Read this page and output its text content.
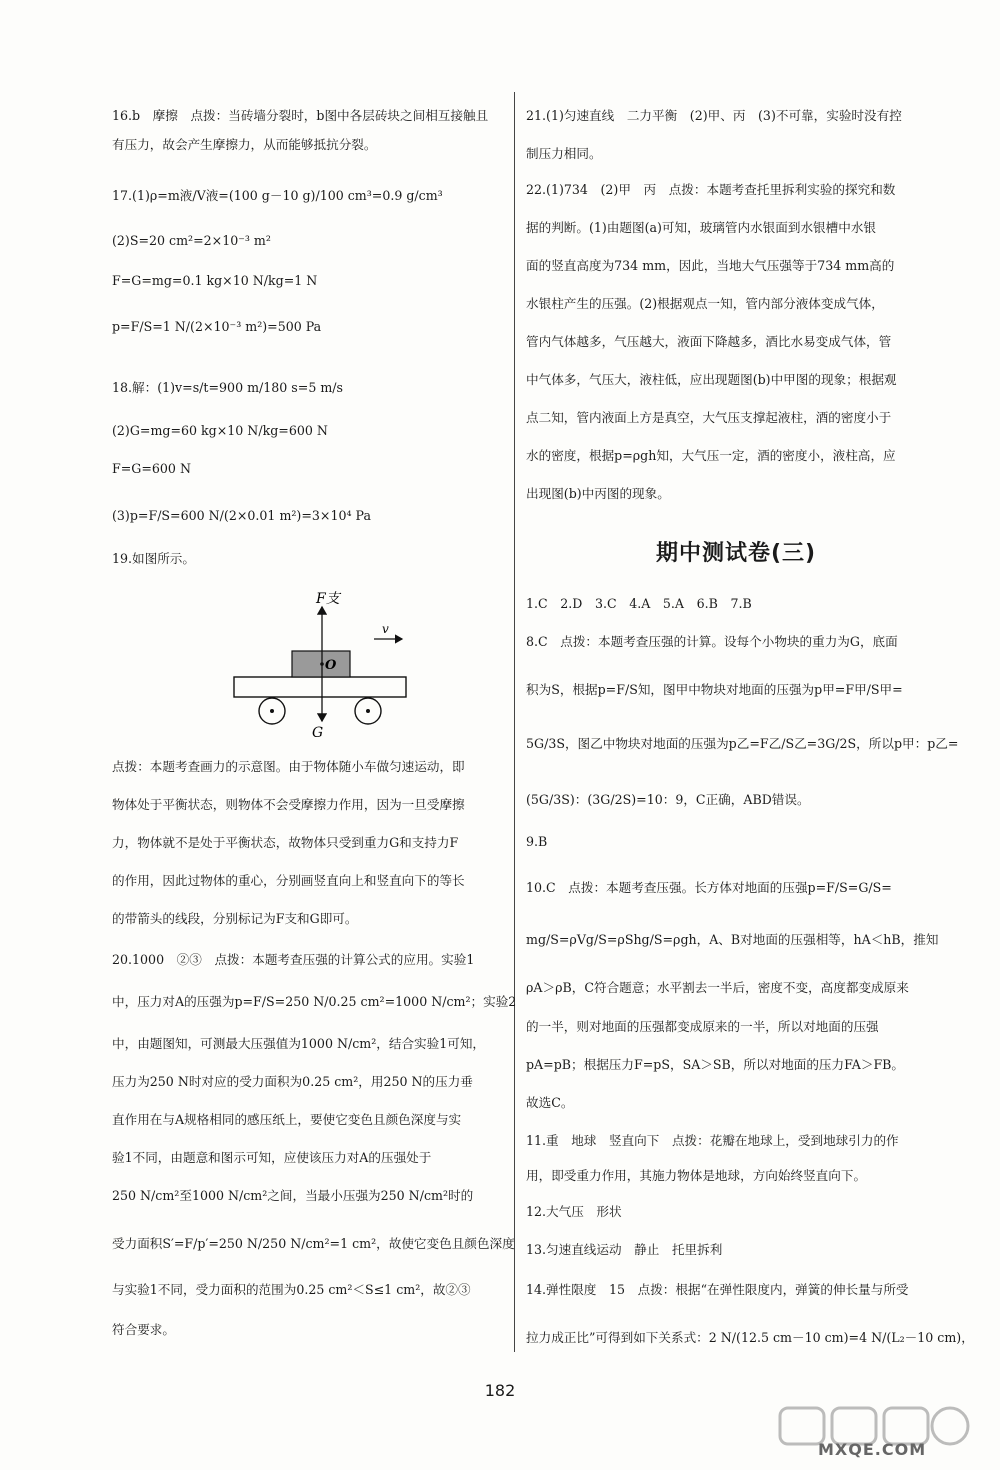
16.b　摩擦　点拨：当砖墙分裂时，b图中各层砖块之间相互接触且
有压力，故会产生摩擦力，从而能够抵抗分裂。
17.(1)ρ=m液/V液=(100 g－10 g)/100 cm³=0.9 g/cm³
(2)S=20 cm²=2×10⁻³ m²
F=G=mg=0.1 kg×10 N/kg=1 N
p=F/S=1 N/(2×10⁻³ m²)=500 Pa
18.解：(1)v=s/t=900 m/180 s=5 m/s
(2)G=mg=60 kg×10 N/kg=600 N
F=G=600 N
(3)p=F/S=600 N/(2×0.01 m²)=3×10⁴ Pa
19.如图所示。
点拨：本题考查画力的示意图。由于物体随小车做匀速运动，即
物体处于平衡状态，则物体不会受摩擦力作用，因为一旦受摩擦
力，物体就不是处于平衡状态，故物体只受到重力G和支持力F
的作用，因此过物体的重心，分别画竖直向上和竖直向下的等长
的带箭头的线段，分别标记为F支和G即可。
20.1000　②③　点拨：本题考查压强的计算公式的应用。实验1
中，压力对A的压强为p=F/S=250 N/0.25 cm²=1000 N/cm²；实验2
中，由题图知，可测最大压强值为1000 N/cm²，结合实验1可知，
压力为250 N时对应的受力面积为0.25 cm²，用250 N的压力垂
直作用在与A规格相同的感压纸上，要使它变色且颜色深度与实
验1不同，由题意和图示可知，应使该压力对A的压强处于
250 N/cm²至1000 N/cm²之间，当最小压强为250 N/cm²时的
受力面积S′=F/p′=250 N/250 N/cm²=1 cm²，故使它变色且颜色深度
与实验1不同，受力面积的范围为0.25 cm²＜S≤1 cm²，故②③
符合要求。
F支
v
O
G
21.(1)匀速直线　二力平衡　(2)甲、丙　(3)不可靠，实验时没有控
制压力相同。
22.(1)734　(2)甲　丙　点拨：本题考查托里拆利实验的探究和数
据的判断。(1)由题图(a)可知，玻璃管内水银面到水银槽中水银
面的竖直高度为734 mm，因此，当地大气压强等于734 mm高的
水银柱产生的压强。(2)根据观点一知，管内部分液体变成气体，
管内气体越多，气压越大，液面下降越多，酒比水易变成气体，管
中气体多，气压大，液柱低，应出现题图(b)中甲图的现象；根据观
点二知，管内液面上方是真空，大气压支撑起液柱，酒的密度小于
水的密度，根据p=ρgh知，大气压一定，酒的密度小，液柱高，应
出现图(b)中丙图的现象。
期中测试卷(三)
1.C　2.D　3.C　4.A　5.A　6.B　7.B
8.C　点拨：本题考查压强的计算。设每个小物块的重力为G，底面
积为S，根据p=F/S知，图甲中物块对地面的压强为p甲=F甲/S甲=
5G/3S，图乙中物块对地面的压强为p乙=F乙/S乙=3G/2S，所以p甲：p乙=
(5G/3S)：(3G/2S)=10：9，C正确，ABD错误。
9.B
10.C　点拨：本题考查压强。长方体对地面的压强p=F/S=G/S=
mg/S=ρVg/S=ρShg/S=ρgh，A、B对地面的压强相等，hA＜hB，推知
ρA＞ρB，C符合题意；水平割去一半后，密度不变，高度都变成原来
的一半，则对地面的压强都变成原来的一半，所以对地面的压强
pA=pB；根据压力F=pS，SA＞SB，所以对地面的压力FA＞FB。
故选C。
11.重　地球　竖直向下　点拨：花瓣在地球上，受到地球引力的作
用，即受重力作用，其施力物体是地球，方向始终竖直向下。
12.大气压　形状
13.匀速直线运动　静止　托里拆利
14.弹性限度　15　点拨：根据“在弹性限度内，弹簧的伸长量与所受
拉力成正比”可得到如下关系式：2 N/(12.5 cm－10 cm)=4 N/(L₂－10 cm)，
182
MXQE.COM
